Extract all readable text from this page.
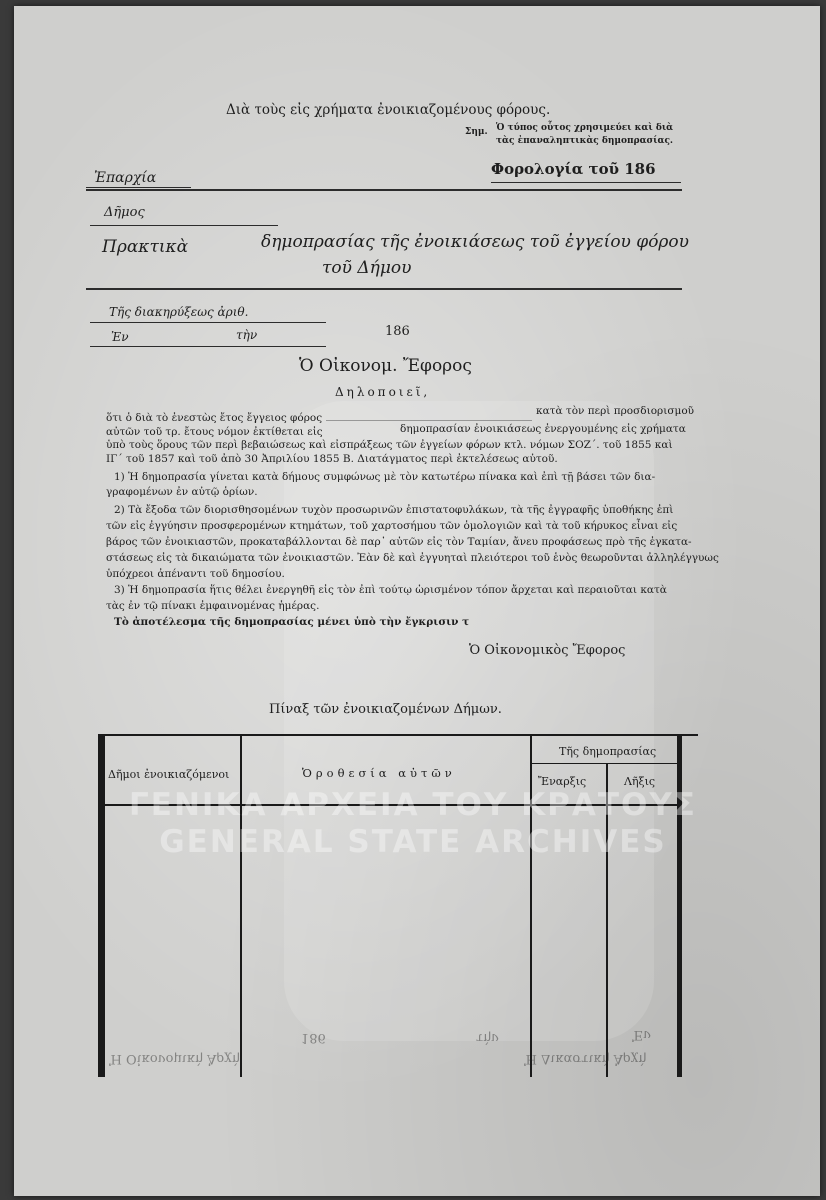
Διὰ τοὺς εἰς χρήματα ἐνοικιαζομένους φόρους.
Σημ. Ὁ τύπος οὗτος χρησιμεύει καὶ διὰ
τὰς ἐπαναληπτικὰς δημοπρασίας.
Ἐπαρχία	Φορολογία τοῦ 186
Δῆμος
Πρακτικὰ	δημοπρασίας τῆς ἐνοικιάσεως τοῦ ἐγγείου φόρου
τοῦ Δήμου
Τῆς διακηρύξεως ἀριθ.
Ἐν	τὴν	186
Ὁ Οἰκονομ. Ἔφορος
Δηλοποιεῖ,
ὅτι ὁ διὰ τὸ ἐνεστὼς ἔτος ἔγγειος φόρος
κατὰ τὸν περὶ προσδιορισμοῦ
αὐτῶν τοῦ τρ. ἔτους νόμον ἐκτίθεται εἰς	δημοπρασίαν ἐνοικιάσεως ἐνεργουμένης εἰς χρήματα
ὑπὸ τοὺς ὅρους τῶν περὶ βεβαιώσεως καὶ εἰσπράξεως τῶν ἐγγείων φόρων κτλ. νόμων ΣΟΖ΄. τοῦ 1855 καὶ
ΙΓ΄ τοῦ 1857 καὶ τοῦ ἀπὸ 30 Ἀπριλίου 1855 Β. Διατάγματος περὶ ἐκτελέσεως αὐτοῦ.
1) Ἡ δημοπρασία γίνεται κατὰ δήμους συμφώνως μὲ τὸν κατωτέρω πίνακα καὶ ἐπὶ τῇ βάσει τῶν δια-
γραφομένων ἐν αὐτῷ ὁρίων.
2) Τὰ ἔξοδα τῶν διορισθησομένων τυχὸν προσωρινῶν ἐπιστατοφυλάκων, τὰ τῆς ἐγγραφῆς ὑποθήκης ἐπὶ
τῶν εἰς ἐγγύησιν προσφερομένων κτημάτων, τοῦ χαρτοσήμου τῶν ὁμολογιῶν καὶ τὰ τοῦ κήρυκος εἶναι εἰς
βάρος τῶν ἐνοικιαστῶν, προκαταβάλλονται δὲ παρ᾽ αὐτῶν εἰς τὸν Ταμίαν, ἄνευ προφάσεως πρὸ τῆς ἐγκατα-
στάσεως εἰς τὰ δικαιώματα τῶν ἐνοικιαστῶν. Ἐὰν δὲ καὶ ἐγγυηταὶ πλειότεροι τοῦ ἑνὸς θεωροῦνται ἀλληλέγγυως
ὑπόχρεοι ἀπέναντι τοῦ δημοσίου.
3) Ἡ δημοπρασία ἥτις θέλει ἐνεργηθῆ εἰς τὸν ἐπὶ τούτῳ ὡρισμένον τόπον ἄρχεται καὶ περαιοῦται κατὰ
τὰς ἐν τῷ πίνακι ἐμφαινομένας ἡμέρας.
Τὸ ἀποτέλεσμα τῆς δημοπρασίας μένει ὑπὸ τὴν ἔγκρισιν τ
Ὁ Οἰκονομικὸς Ἔφορος
Πίναξ τῶν ἐνοικιαζομένων Δήμων.
Δῆμοι ἐνοικιαζόμενοι	Ὁροθεσία αὐτῶν
Τῆς δημοπρασίας
Ἔναρξις	Λῆξις
Ἐν
τὴν
186
Ἡ Δικαστικὴ Ἀρχὴ
Ἡ Οἰκονομικὴ Ἀρχὴ
ΓΕΝΙΚΑ ΑΡΧΕΙΑ ΤΟΥ ΚΡΑΤΟΥΣ
GENERAL STATE ARCHIVES
